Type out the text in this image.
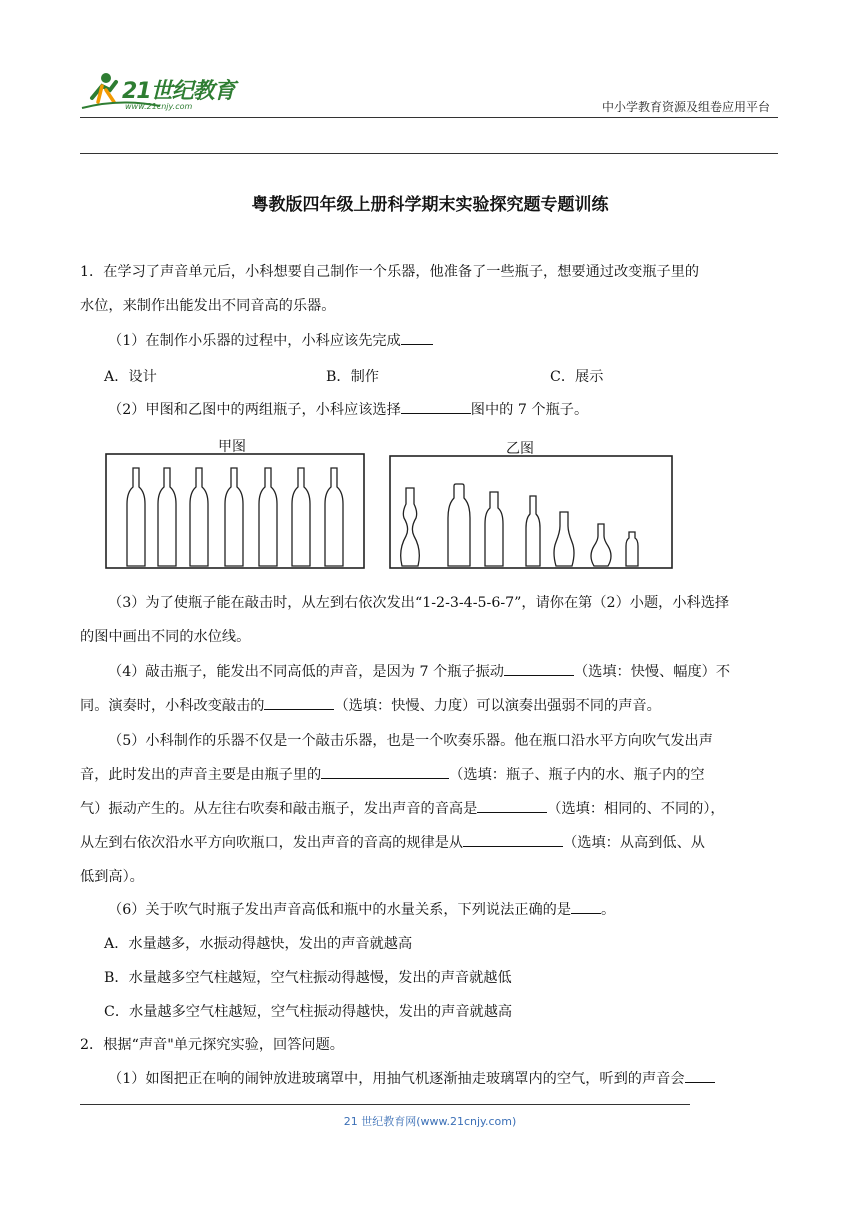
21世纪教育
www.21cnjy.com	中小学教育资源及组卷应用平台
粤教版四年级上册科学期末实验探究题专题训练
1．在学习了声音单元后，小科想要自己制作一个乐器，他准备了一些瓶子，想要通过改变瓶子里的
水位，来制作出能发出不同音高的乐器。
（1）在制作小乐器的过程中，小科应该先完成
A．设计	B．制作	C．展示
（2）甲图和乙图中的两组瓶子，小科应该选择	图中的 7 个瓶子。
甲图	乙图
（3）为了使瓶子能在敲击时，从左到右依次发出“1-2-3-4-5-6-7”，请你在第（2）小题，小科选择
的图中画出不同的水位线。
（4）敲击瓶子，能发出不同高低的声音，是因为 7 个瓶子振动	（选填：快慢、幅度）不
同。演奏时，小科改变敲击的	（选填：快慢、力度）可以演奏出强弱不同的声音。
（5）小科制作的乐器不仅是一个敲击乐器，也是一个吹奏乐器。他在瓶口沿水平方向吹气发出声
音，此时发出的声音主要是由瓶子里的	（选填：瓶子、瓶子内的水、瓶子内的空
气）振动产生的。从左往右吹奏和敲击瓶子，发出声音的音高是	（选填：相同的、不同的），
从左到右依次沿水平方向吹瓶口，发出声音的音高的规律是从	（选填：从高到低、从
低到高）。
（6）关于吹气时瓶子发出声音高低和瓶中的水量关系，下列说法正确的是 。
A．水量越多，水振动得越快，发出的声音就越高
B．水量越多空气柱越短，空气柱振动得越慢，发出的声音就越低
C．水量越多空气柱越短，空气柱振动得越快，发出的声音就越高
2．根据“声音"单元探究实验，回答问题。
（1）如图把正在响的闹钟放进玻璃罩中，用抽气机逐渐抽走玻璃罩内的空气，听到的声音会
21 世纪教育网(www.21cnjy.com)
